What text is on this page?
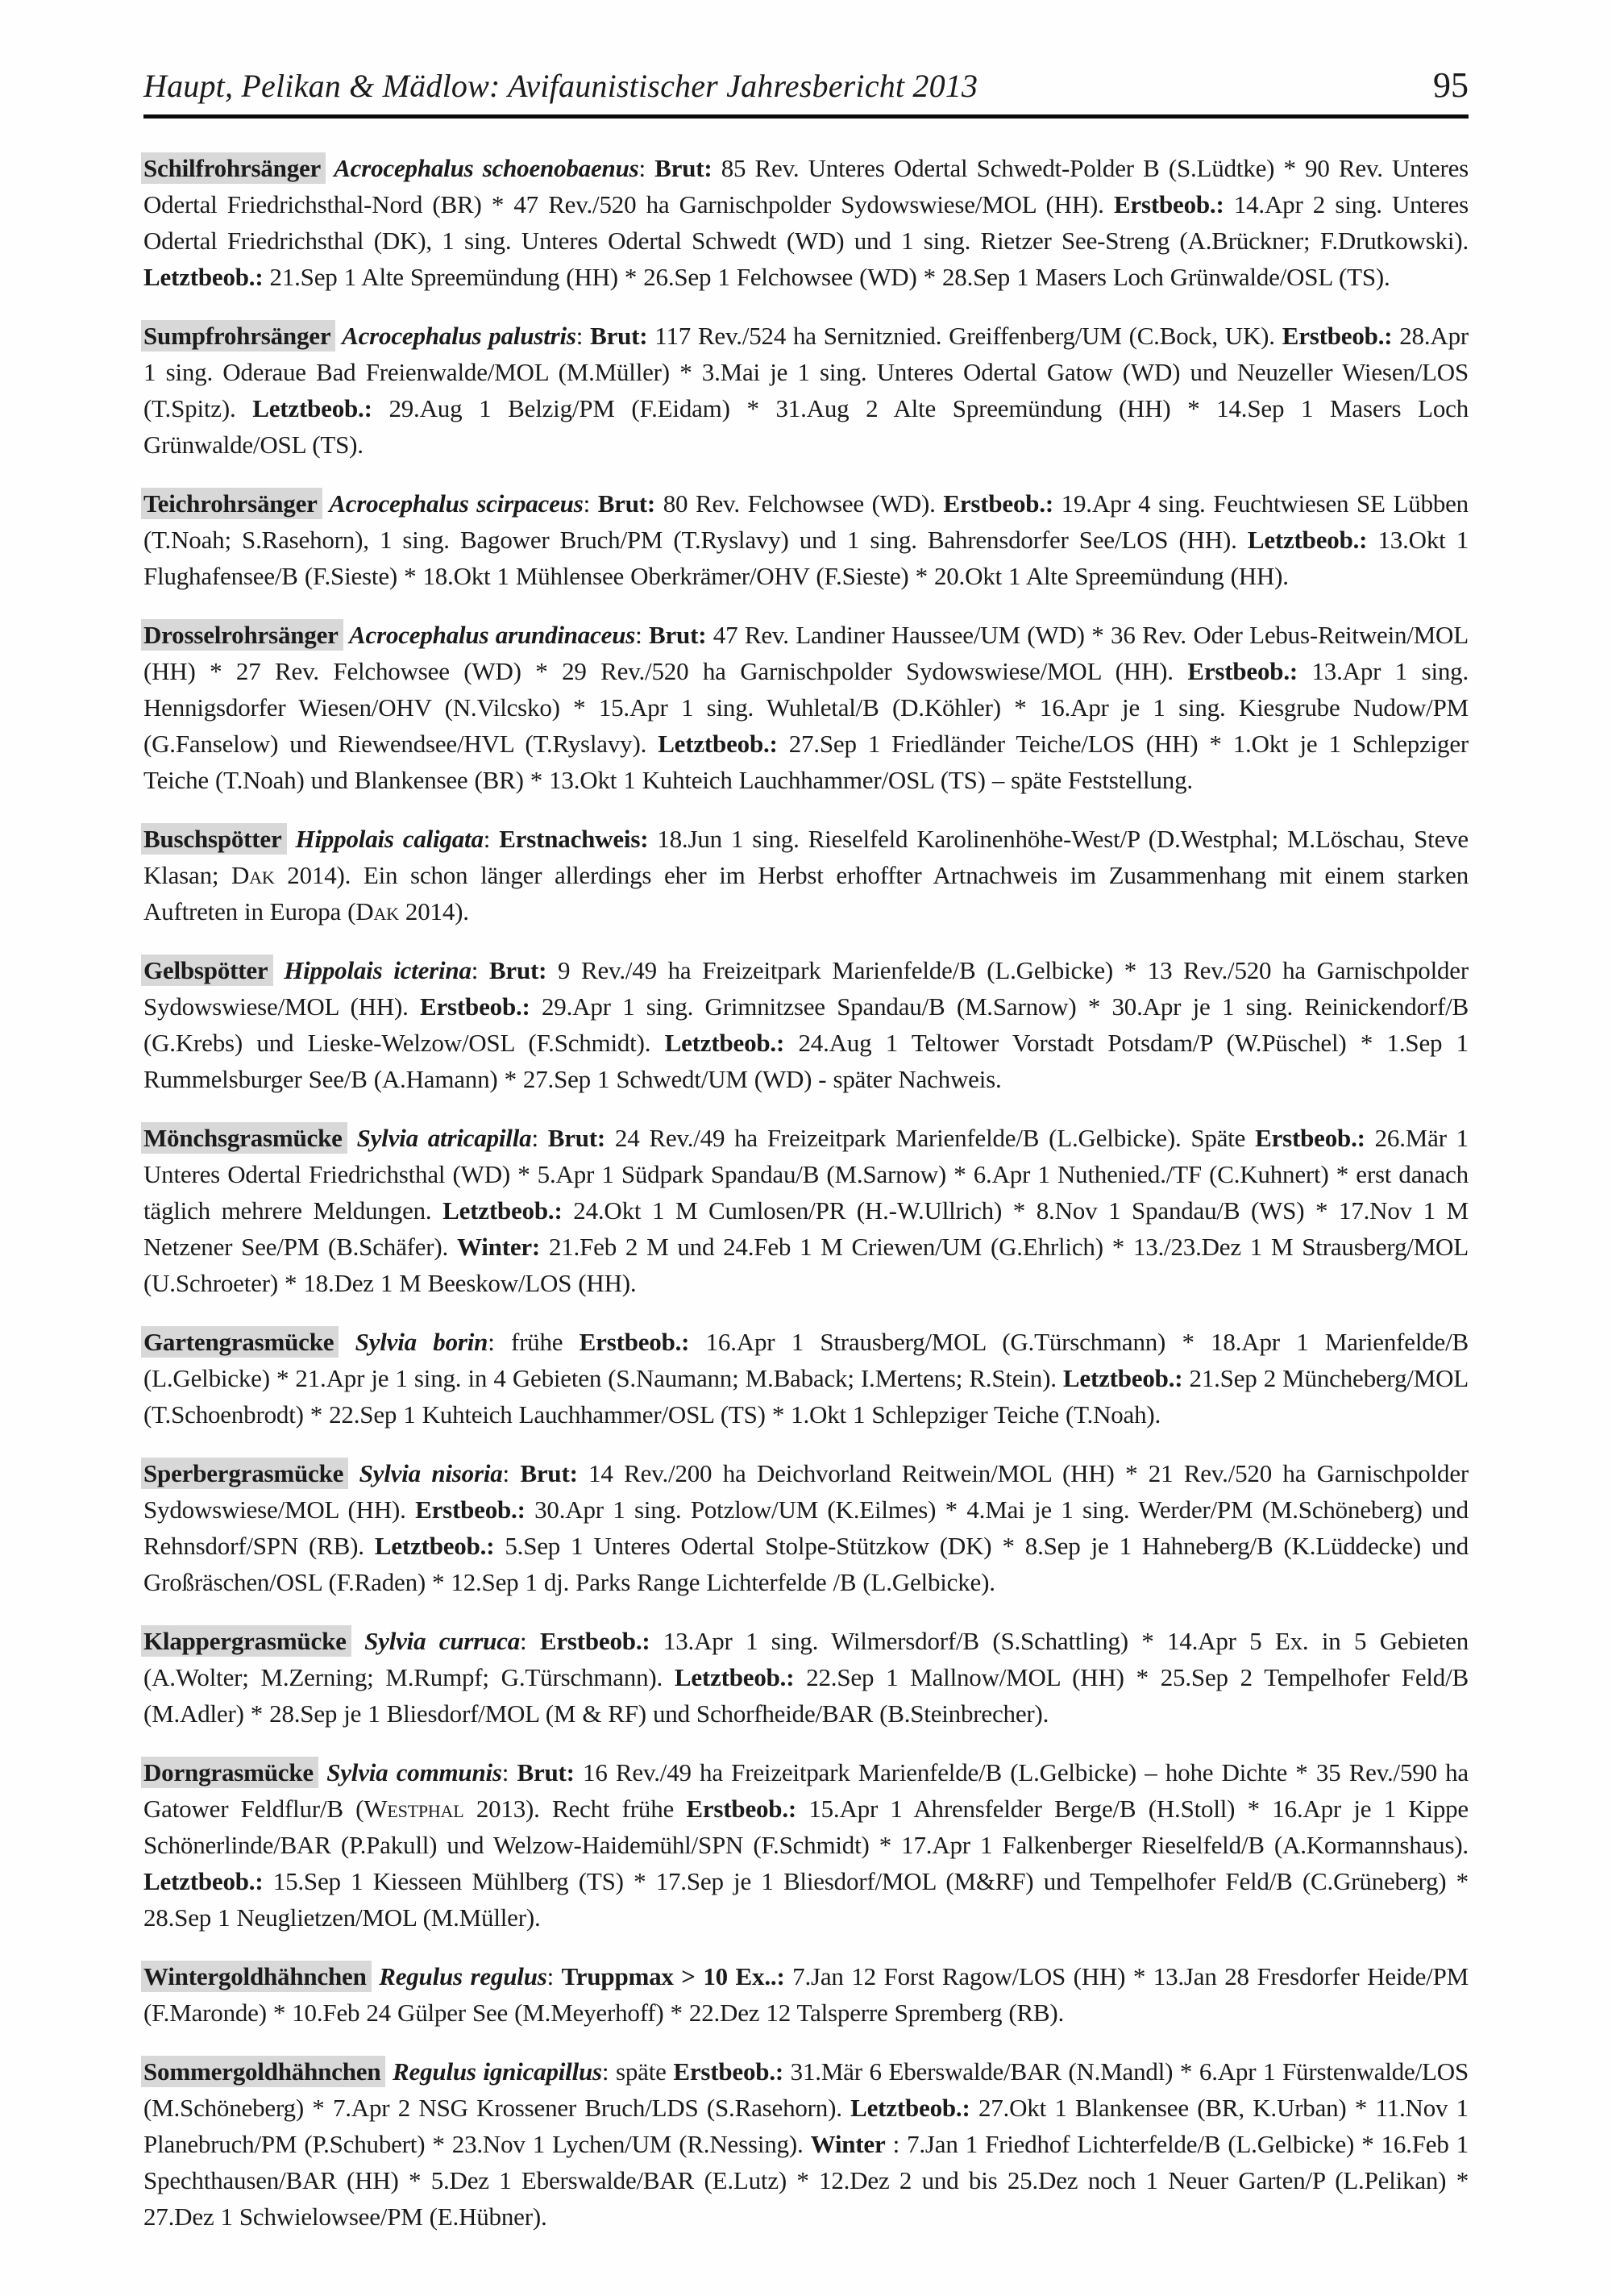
Haupt, Pelikan & Mädlow: Avifaunistischer Jahresbericht 2013	95

Schilfrohrsänger Acrocephalus schoenobaenus: Brut: 85 Rev. Unteres Odertal Schwedt-Polder B (S.Lüdtke) * 90 Rev. Unteres Odertal Friedrichsthal-Nord (BR) * 47 Rev./520 ha Garnischpolder Sydowswiese/MOL (HH). Erstbeob.: 14.Apr 2 sing. Unteres Odertal Friedrichsthal (DK), 1 sing. Unteres Odertal Schwedt (WD) und 1 sing. Rietzer See-Streng (A.Brückner; F.Drutkowski). Letztbeob.: 21.Sep 1 Alte Spreemündung (HH) * 26.Sep 1 Felchowsee (WD) * 28.Sep 1 Masers Loch Grünwalde/OSL (TS).

Sumpfrohrsänger Acrocephalus palustris: Brut: 117 Rev./524 ha Sernitznied. Greiffenberg/UM (C.Bock, UK). Erstbeob.: 28.Apr 1 sing. Oderaue Bad Freienwalde/MOL (M.Müller) * 3.Mai je 1 sing. Unteres Odertal Gatow (WD) und Neuzeller Wiesen/LOS (T.Spitz). Letztbeob.: 29.Aug 1 Belzig/PM (F.Eidam) * 31.Aug 2 Alte Spreemündung (HH) * 14.Sep 1 Masers Loch Grünwalde/OSL (TS).

Teichrohrsänger Acrocephalus scirpaceus: Brut: 80 Rev. Felchowsee (WD). Erstbeob.: 19.Apr 4 sing. Feuchtwiesen SE Lübben (T.Noah; S.Rasehorn), 1 sing. Bagower Bruch/PM (T.Ryslavy) und 1 sing. Bahrensdorfer See/LOS (HH). Letztbeob.: 13.Okt 1 Flughafensee/B (F.Sieste) * 18.Okt 1 Mühlensee Oberkrämer/OHV (F.Sieste) * 20.Okt 1 Alte Spreemündung (HH).

Drosselrohrsänger Acrocephalus arundinaceus: Brut: 47 Rev. Landiner Haussee/UM (WD) * 36 Rev. Oder Lebus-Reitwein/MOL (HH) * 27 Rev. Felchowsee (WD) * 29 Rev./520 ha Garnischpolder Sydowswiese/MOL (HH). Erstbeob.: 13.Apr 1 sing. Hennigsdorfer Wiesen/OHV (N.Vilcsko) * 15.Apr 1 sing. Wuhletal/B (D.Köhler) * 16.Apr je 1 sing. Kiesgrube Nudow/PM (G.Fanselow) und Riewendsee/HVL (T.Ryslavy). Letztbeob.: 27.Sep 1 Friedländer Teiche/LOS (HH) * 1.Okt je 1 Schlepziger Teiche (T.Noah) und Blankensee (BR) * 13.Okt 1 Kuhteich Lauchhammer/OSL (TS) – späte Feststellung.

Buschspötter Hippolais caligata: Erstnachweis: 18.Jun 1 sing. Rieselfeld Karolinenhöhe-West/P (D.Westphal; M.Löschau, Steve Klasan; Dak 2014). Ein schon länger allerdings eher im Herbst erhoffter Artnachweis im Zusammenhang mit einem starken Auftreten in Europa (Dak 2014).

Gelbspötter Hippolais icterina: Brut: 9 Rev./49 ha Freizeitpark Marienfelde/B (L.Gelbicke) * 13 Rev./520 ha Garnischpolder Sydowswiese/MOL (HH). Erstbeob.: 29.Apr 1 sing. Grimnitzsee Spandau/B (M.Sarnow) * 30.Apr je 1 sing. Reinickendorf/B (G.Krebs) und Lieske-Welzow/OSL (F.Schmidt). Letztbeob.: 24.Aug 1 Teltower Vorstadt Potsdam/P (W.Püschel) * 1.Sep 1 Rummelsburger See/B (A.Hamann) * 27.Sep 1 Schwedt/UM (WD) - später Nachweis.

Mönchsgrasmücke Sylvia atricapilla: Brut: 24 Rev./49 ha Freizeitpark Marienfelde/B (L.Gelbicke). Späte Erstbeob.: 26.Mär 1 Unteres Odertal Friedrichsthal (WD) * 5.Apr 1 Südpark Spandau/B (M.Sarnow) * 6.Apr 1 Nuthenied./TF (C.Kuhnert) * erst danach täglich mehrere Meldungen. Letztbeob.: 24.Okt 1 M Cumlosen/PR (H.-W.Ullrich) * 8.Nov 1 Spandau/B (WS) * 17.Nov 1 M Netzener See/PM (B.Schäfer). Winter: 21.Feb 2 M und 24.Feb 1 M Criewen/UM (G.Ehrlich) * 13./23.Dez 1 M Strausberg/MOL (U.Schroeter) * 18.Dez 1 M Beeskow/LOS (HH).

Gartengrasmücke Sylvia borin: frühe Erstbeob.: 16.Apr 1 Strausberg/MOL (G.Türschmann) * 18.Apr 1 Marienfelde/B (L.Gelbicke) * 21.Apr je 1 sing. in 4 Gebieten (S.Naumann; M.Baback; I.Mertens; R.Stein). Letztbeob.: 21.Sep 2 Müncheberg/MOL (T.Schoenbrodt) * 22.Sep 1 Kuhteich Lauchhammer/OSL (TS) * 1.Okt 1 Schlepziger Teiche (T.Noah).

Sperbergrasmücke Sylvia nisoria: Brut: 14 Rev./200 ha Deichvorland Reitwein/MOL (HH) * 21 Rev./520 ha Garnischpolder Sydowswiese/MOL (HH). Erstbeob.: 30.Apr 1 sing. Potzlow/UM (K.Eilmes) * 4.Mai je 1 sing. Werder/PM (M.Schöneberg) und Rehnsdorf/SPN (RB). Letztbeob.: 5.Sep 1 Unteres Odertal Stolpe-Stützkow (DK) * 8.Sep je 1 Hahneberg/B (K.Lüddecke) und Großräschen/OSL (F.Raden) * 12.Sep 1 dj. Parks Range Lichterfelde /B (L.Gelbicke).

Klappergrasmücke Sylvia curruca: Erstbeob.: 13.Apr 1 sing. Wilmersdorf/B (S.Schattling) * 14.Apr 5 Ex. in 5 Gebieten (A.Wolter; M.Zerning; M.Rumpf; G.Türschmann). Letztbeob.: 22.Sep 1 Mallnow/MOL (HH) * 25.Sep 2 Tempelhofer Feld/B (M.Adler) * 28.Sep je 1 Bliesdorf/MOL (M & RF) und Schorfheide/BAR (B.Steinbrecher).

Dorngrasmücke Sylvia communis: Brut: 16 Rev./49 ha Freizeitpark Marienfelde/B (L.Gelbicke) – hohe Dichte * 35 Rev./590 ha Gatower Feldflur/B (Westphal 2013). Recht frühe Erstbeob.: 15.Apr 1 Ahrensfelder Berge/B (H.Stoll) * 16.Apr je 1 Kippe Schönerlinde/BAR (P.Pakull) und Welzow-Haidemühl/SPN (F.Schmidt) * 17.Apr 1 Falkenberger Rieselfeld/B (A.Kormannshaus). Letztbeob.: 15.Sep 1 Kiesseen Mühlberg (TS) * 17.Sep je 1 Bliesdorf/MOL (M&RF) und Tempelhofer Feld/B (C.Grüneberg) * 28.Sep 1 Neuglietzen/MOL (M.Müller).

Wintergoldhähnchen Regulus regulus: Truppmax > 10 Ex..: 7.Jan 12 Forst Ragow/LOS (HH) * 13.Jan 28 Fresdorfer Heide/PM (F.Maronde) * 10.Feb 24 Gülper See (M.Meyerhoff) * 22.Dez 12 Talsperre Spremberg (RB).

Sommergoldhähnchen Regulus ignicapillus: späte Erstbeob.: 31.Mär 6 Eberswalde/BAR (N.Mandl) * 6.Apr 1 Fürstenwalde/LOS (M.Schöneberg) * 7.Apr 2 NSG Krossener Bruch/LDS (S.Rasehorn). Letztbeob.: 27.Okt 1 Blankensee (BR, K.Urban) * 11.Nov 1 Planebruch/PM (P.Schubert) * 23.Nov 1 Lychen/UM (R.Nessing). Winter : 7.Jan 1 Friedhof Lichterfelde/B (L.Gelbicke) * 16.Feb 1 Spechthausen/BAR (HH) * 5.Dez 1 Eberswalde/BAR (E.Lutz) * 12.Dez 2 und bis 25.Dez noch 1 Neuer Garten/P (L.Pelikan) * 27.Dez 1 Schwielowsee/PM (E.Hübner).
